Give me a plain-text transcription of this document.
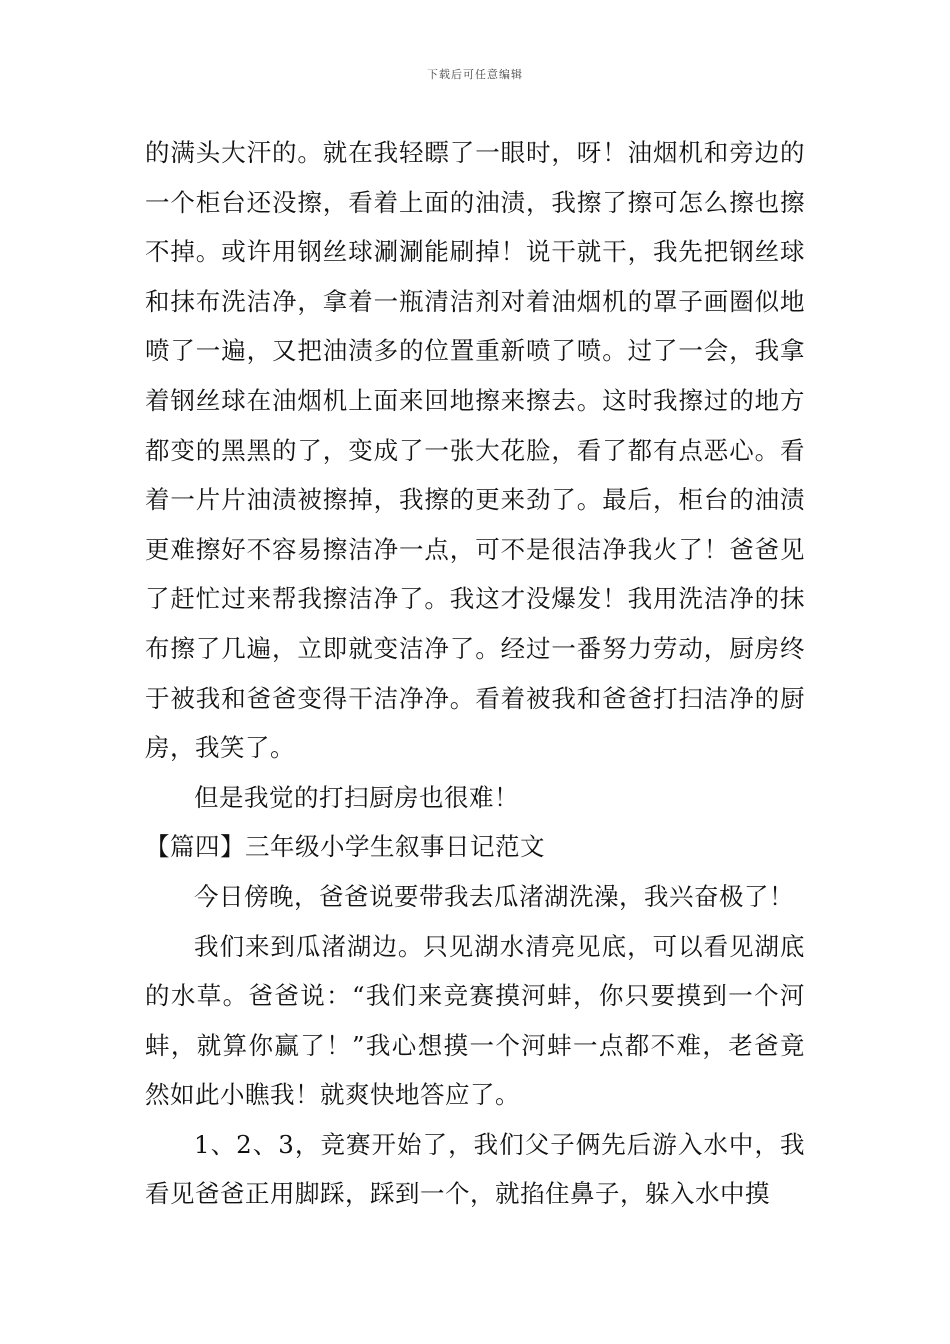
下载后可任意编辑

的满头大汗的。就在我轻瞟了一眼时，呀！油烟机和旁边的一个柜台还没擦，看着上面的油渍，我擦了擦可怎么擦也擦不掉。或许用钢丝球涮涮能刷掉！说干就干，我先把钢丝球和抹布洗洁净，拿着一瓶清洁剂对着油烟机的罩子画圈似地喷了一遍，又把油渍多的位置重新喷了喷。过了一会，我拿着钢丝球在油烟机上面来回地擦来擦去。这时我擦过的地方都变的黑黑的了，变成了一张大花脸，看了都有点恶心。看着一片片油渍被擦掉，我擦的更来劲了。最后，柜台的油渍更难擦好不容易擦洁净一点，可不是很洁净我火了！爸爸见了赶忙过来帮我擦洁净了。我这才没爆发！我用洗洁净的抹布擦了几遍，立即就变洁净了。经过一番努力劳动，厨房终于被我和爸爸变得干洁净净。看着被我和爸爸打扫洁净的厨房，我笑了。

但是我觉的打扫厨房也很难！

【篇四】三年级小学生叙事日记范文

今日傍晚，爸爸说要带我去瓜渚湖洗澡，我兴奋极了！

我们来到瓜渚湖边。只见湖水清亮见底，可以看见湖底的水草。爸爸说：“我们来竞赛摸河蚌，你只要摸到一个河蚌，就算你赢了！”我心想摸一个河蚌一点都不难，老爸竟然如此小瞧我！就爽快地答应了。

1、2、3，竞赛开始了，我们父子俩先后游入水中，我看见爸爸正用脚踩，踩到一个，就掐住鼻子，躲入水中摸
